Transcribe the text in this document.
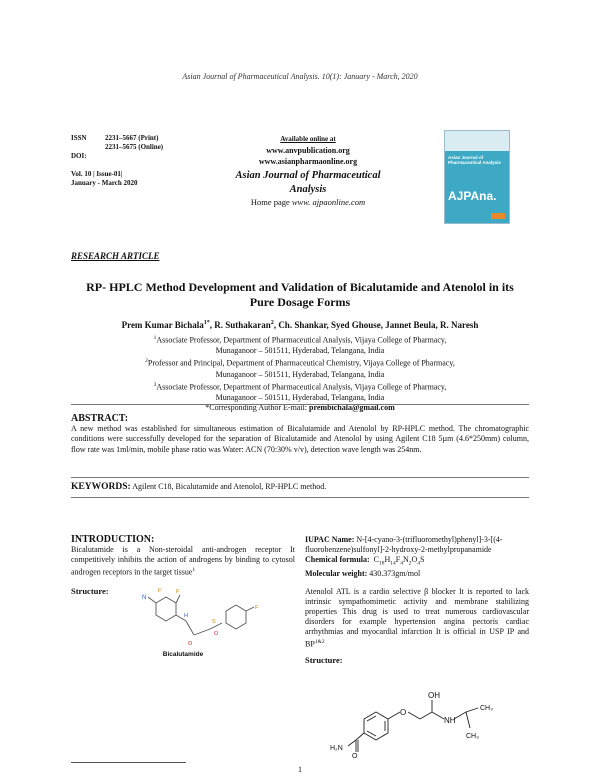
Asian Journal of Pharmaceutical Analysis. 10(1): January - March, 2020
ISSN	2231–5667 (Print)
2231–5675 (Online)
DOI:
Vol. 10 | Issue-01|
January - March 2020
Available online at
www.anvpublication.org
www.asianpharmaonline.org
Asian Journal of Pharmaceutical Analysis
Home page www. ajpaonline.com
Asian Journal of Pharmaceutical Analysis
AJPAna.
RESEARCH ARTICLE
RP- HPLC Method Development and Validation of Bicalutamide and Atenolol in its Pure Dosage Forms
Prem Kumar Bichala$^{1*}$, R. Suthakaran$^2$, Ch. Shankar, Syed Ghouse, Jannet Beula, R. Naresh
$^1$Associate Professor, Department of Pharmaceutical Analysis, Vijaya College of Pharmacy,
Munaganoor – 501511, Hyderabad, Telangana, India
$^2$Professor and Principal, Department of Pharmaceutical Chemistry, Vijaya College of Pharmacy,
Munaganoor – 501511, Hyderabad, Telangana, India
$^3$Associate Professor, Department of Pharmaceutical Analysis, Vijaya College of Pharmacy,
Munaganoor – 501511, Hyderabad, Telangana, India
*Corresponding Author E-mail: prembichala@gmail.com
ABSTRACT:
A new method was established for simultaneous estimation of Bicalutamide and Atenolol by RP-HPLC method. The chromatographic conditions were successfully developed for the separation of Bicalutamide and Atenolol by using Agilent C18 5µm (4.6*250mm) column, flow rate was 1ml/min, mobile phase ratio was Water: ACN (70:30% v/v), detection wave length was 254nm.
KEYWORDS: Agilent C18, Bicalutamide and Atenolol, RP-HPLC method.
INTRODUCTION:
Bicalutamide is a Non-steroidal anti-androgen receptor It competitively inhibits the action of androgens by binding to cytosol androgen receptors in the target tissue$^1$
Structure:
N
F
F
H
O
S
O
F
Bicalutamide
IUPAC Name: N-[4-cyano-3-(trifluoromethyl)phenyl]-3-[(4-fluorobenzene)sulfonyl]-2-hydroxy-2-methylpropanamide
Chemical formula: $C_{18}H_{14}F_4N_2O_4S$
Molecular weight: 430.373gm/mol
Atenolol ATL is a cardio selective β blocker It is reported to lack intrinsic sympathomimetic activity and membrane stabilizing properties This drug is used to treat numerous cardiovascular disorders for example hypertension angina pectoris cardiac arrhythmias and myocardial infarction It is official in USP IP and $BP^{1\&2}$
Structure:
OH
O
NH
CH₃
CH₃
H₂N
O
1
